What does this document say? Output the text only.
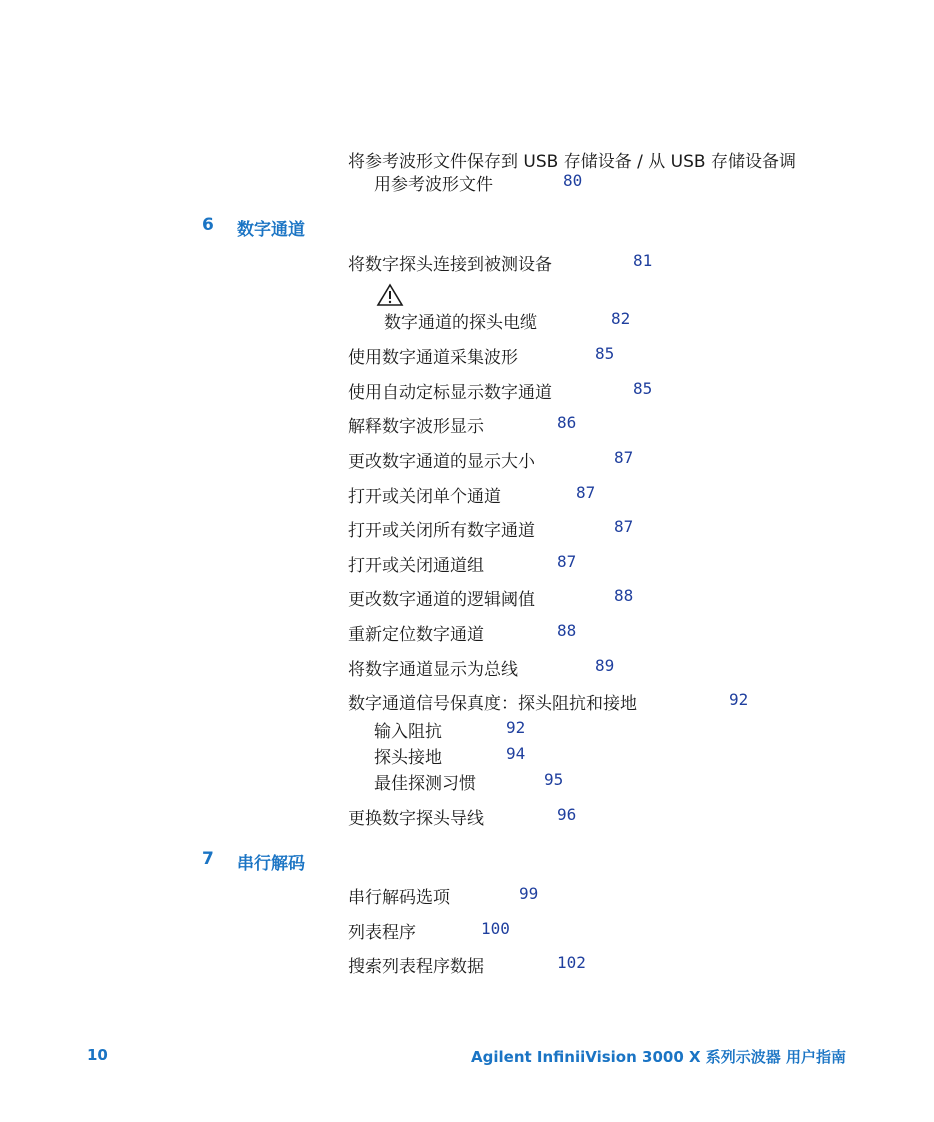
将参考波形文件保存到 USB 存储设备 / 从 USB 存储设备调
用参考波形文件	80
6 数字通道
将数字探头连接到被测设备	81
数字通道的探头电缆	82
使用数字通道采集波形	85
使用自动定标显示数字通道	85
解释数字波形显示	86
更改数字通道的显示大小	87
打开或关闭单个通道	87
打开或关闭所有数字通道	87
打开或关闭通道组	87
更改数字通道的逻辑阈值	88
重新定位数字通道	88
将数字通道显示为总线	89
数字通道信号保真度：探头阻抗和接地	92
输入阻抗	92
探头接地	94
最佳探测习惯	95
更换数字探头导线	96
7 串行解码
串行解码选项	99
列表程序	100
搜索列表程序数据	102
10	Agilent InfiniiVision 3000 X 系列示波器 用户指南
